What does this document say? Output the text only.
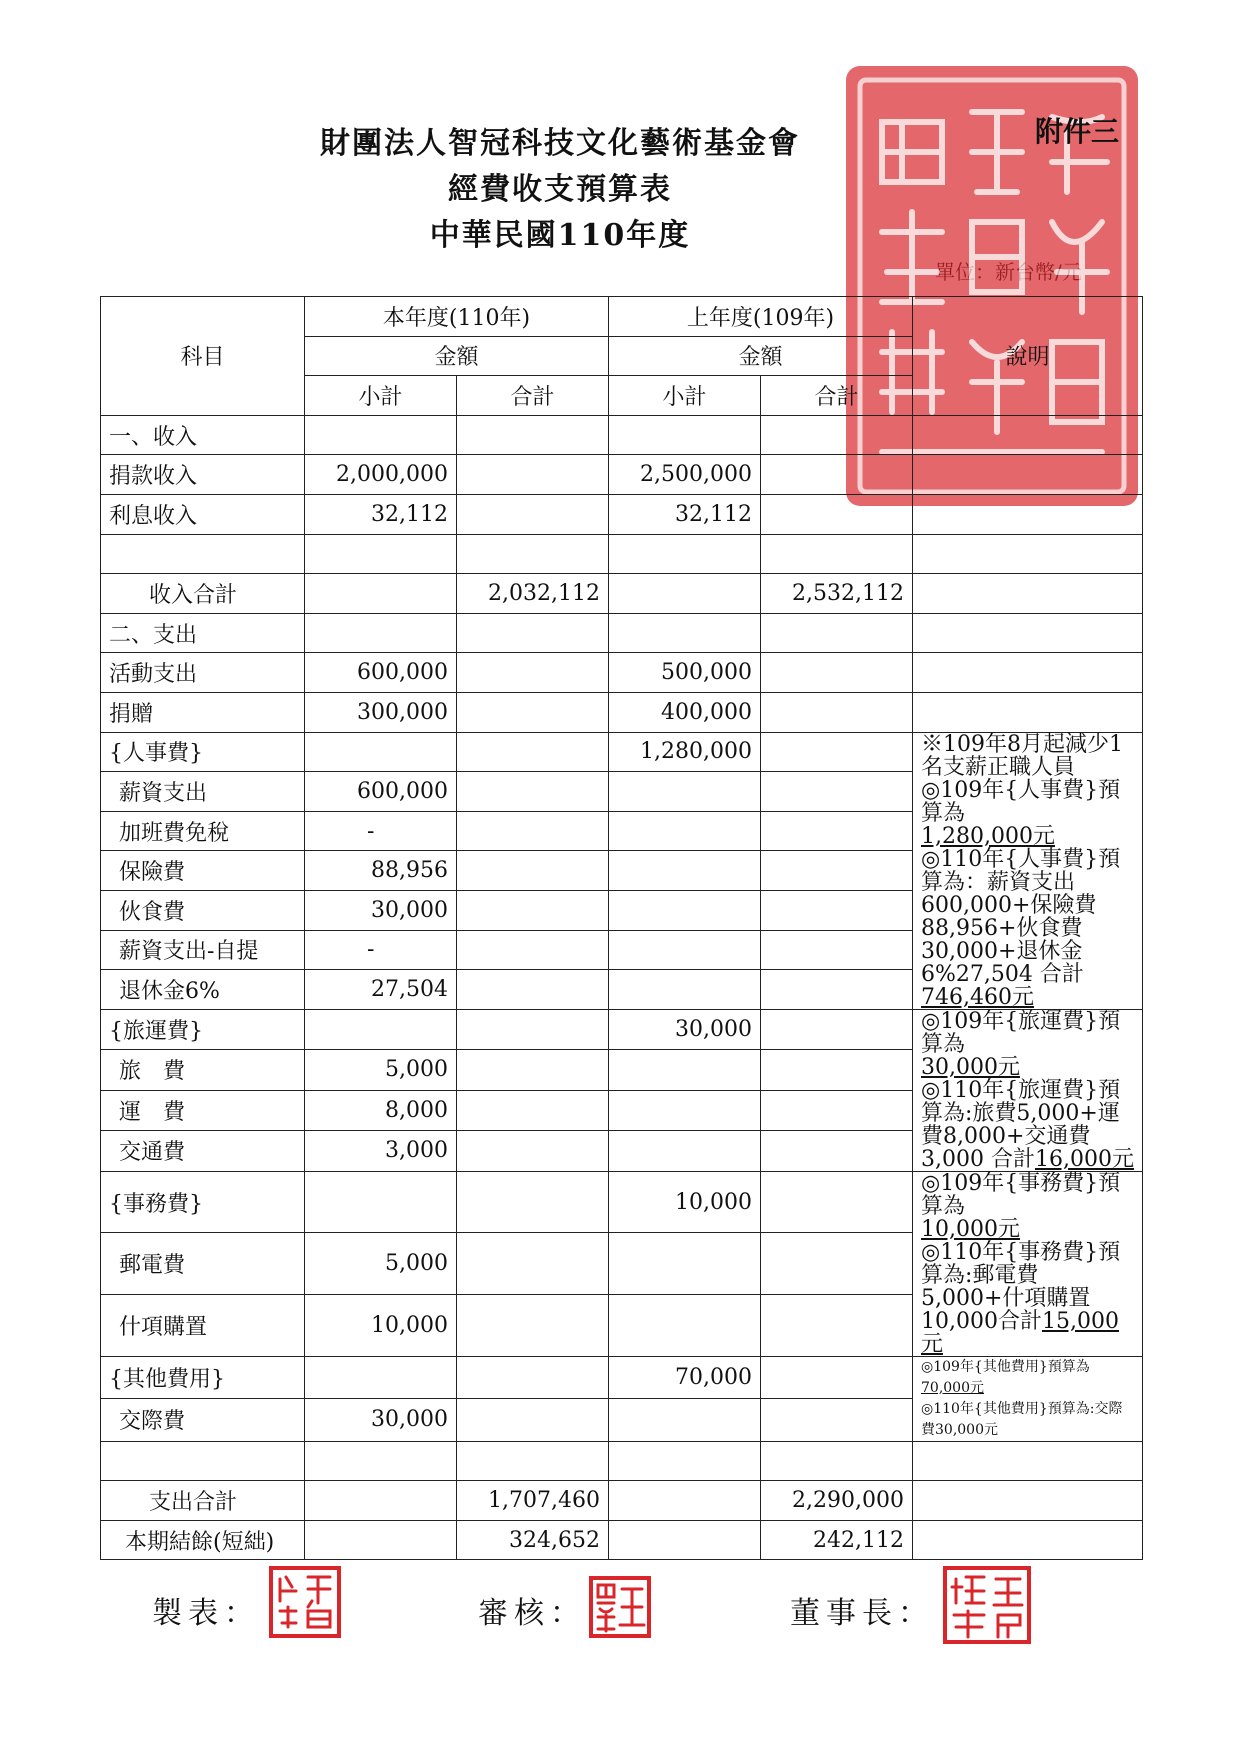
財團法人智冠科技文化藝術基金會
經費收支預算表
中華民國110年度
附件三
科目	本年度(110年)		上年度(109年)		說明
	金額		金額		
	小計	合計	小計	合計	
一、收入					
捐款收入	2,000,000		2,500,000		
利息收入	32,112		32,112		

收入合計		2,032,112		2,532,112	
二、支出					
活動支出	600,000		500,000		
捐贈	300,000		400,000		
{人事費}			1,280,000		※109年8月起減少1名支薪正職人員

◎109年{人事費}預算為
1,280,000元

◎110年{人事費}預算為：薪資支出600,000+保險費88,956+伙食費30,000+退休金6%27,504 合計746,460元

薪資支出	600,000				
加班費免稅	-				
保險費	88,956				
伙食費	30,000				
薪資支出-自提	-				
退休金6%	27,504				
{旅運費}			30,000		◎109年{旅運費}預算為
30,000元

◎110年{旅運費}預算為:旅費5,000+運費8,000+交通費3,000 合計16,000元

旅　費	5,000				
運　費	8,000				
交通費	3,000				
{事務費}			10,000		◎109年{事務費}預算為
10,000元

◎110年{事務費}預算為:郵電費5,000+什項購置10,000合計15,000元

郵電費	5,000				
什項購置	10,000				
{其他費用}			70,000		◎109年{其他費用}預算為
70,000元

◎110年{其他費用}預算為:交際費30,000元

交際費	30,000				

支出合計		1,707,460		2,290,000	
本期結餘(短絀)		324,652		242,112	
製表：	審核：	董事長：
